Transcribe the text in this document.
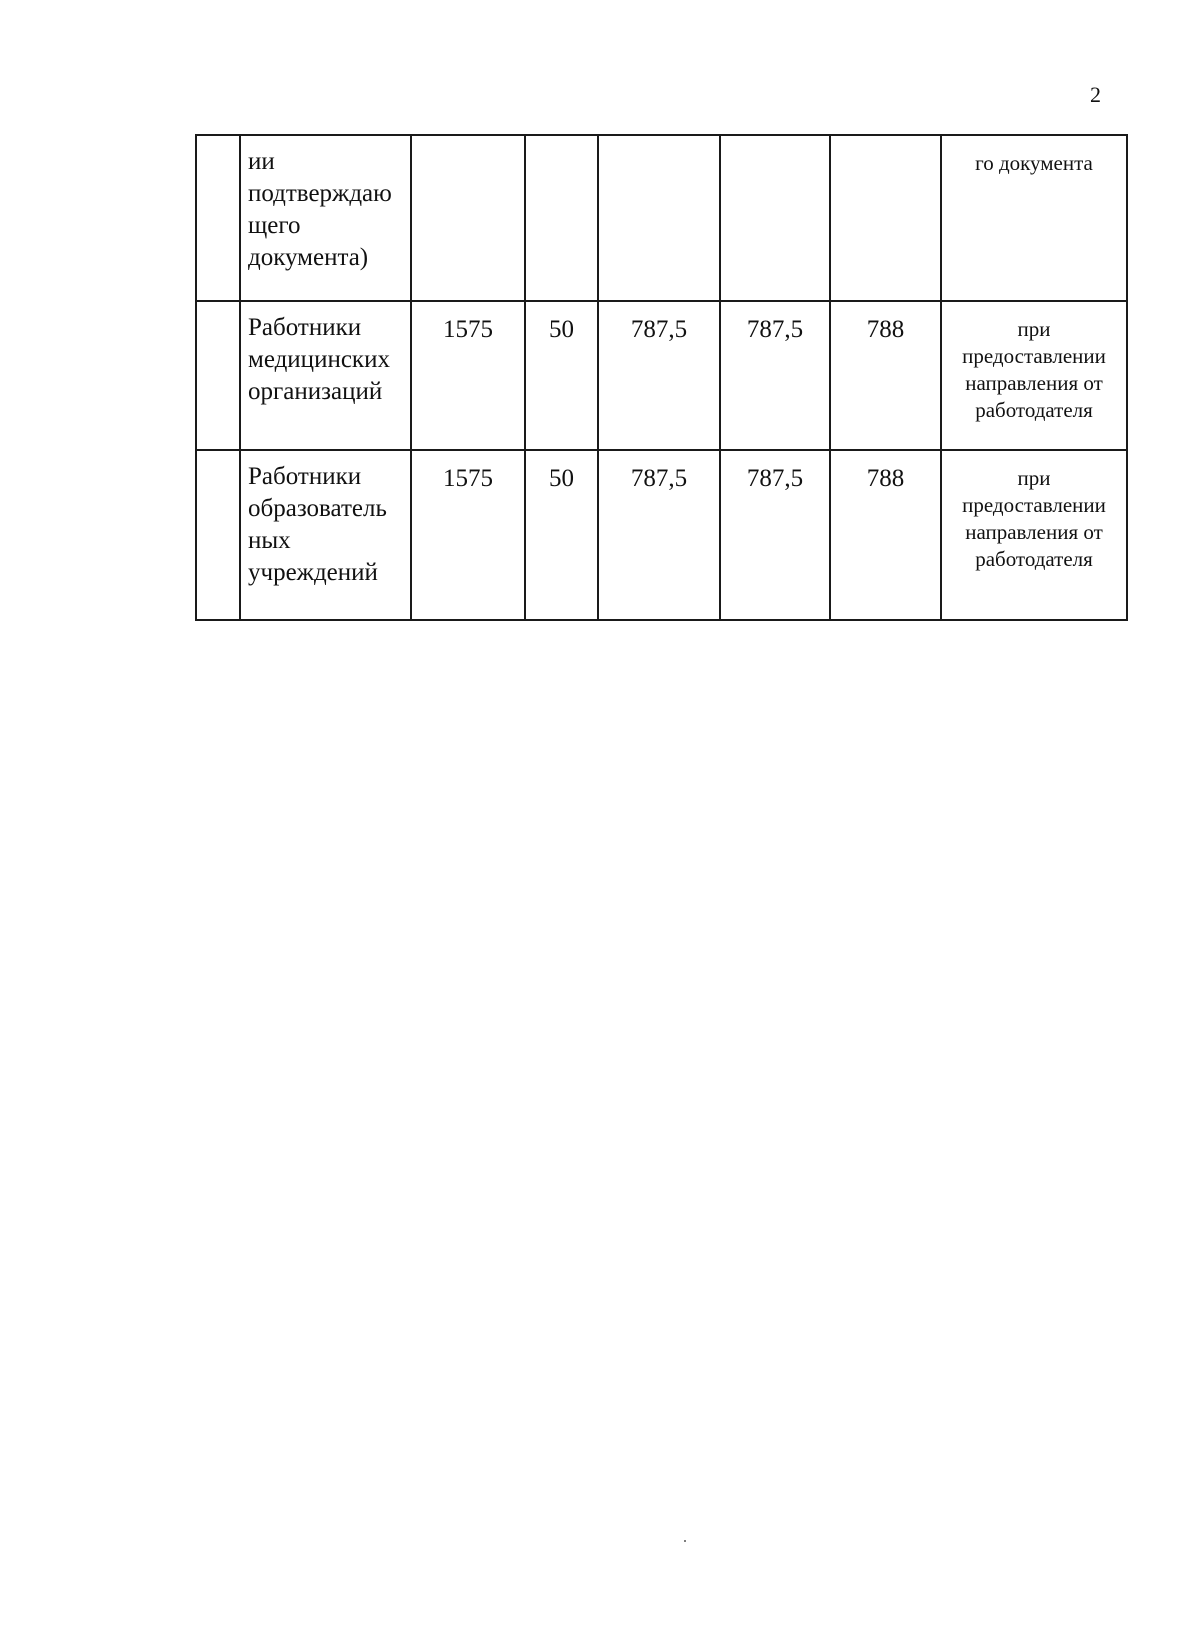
2

	ии
подтверждаю
щего
документа)						го документа

	Работники
медицинских
организаций	1575	50	787,5	787,5	788	при
предоставлении
направления от
работодателя

	Работники
образователь
ных
учреждений	1575	50	787,5	787,5	788	при
предоставлении
направления от
работодателя
